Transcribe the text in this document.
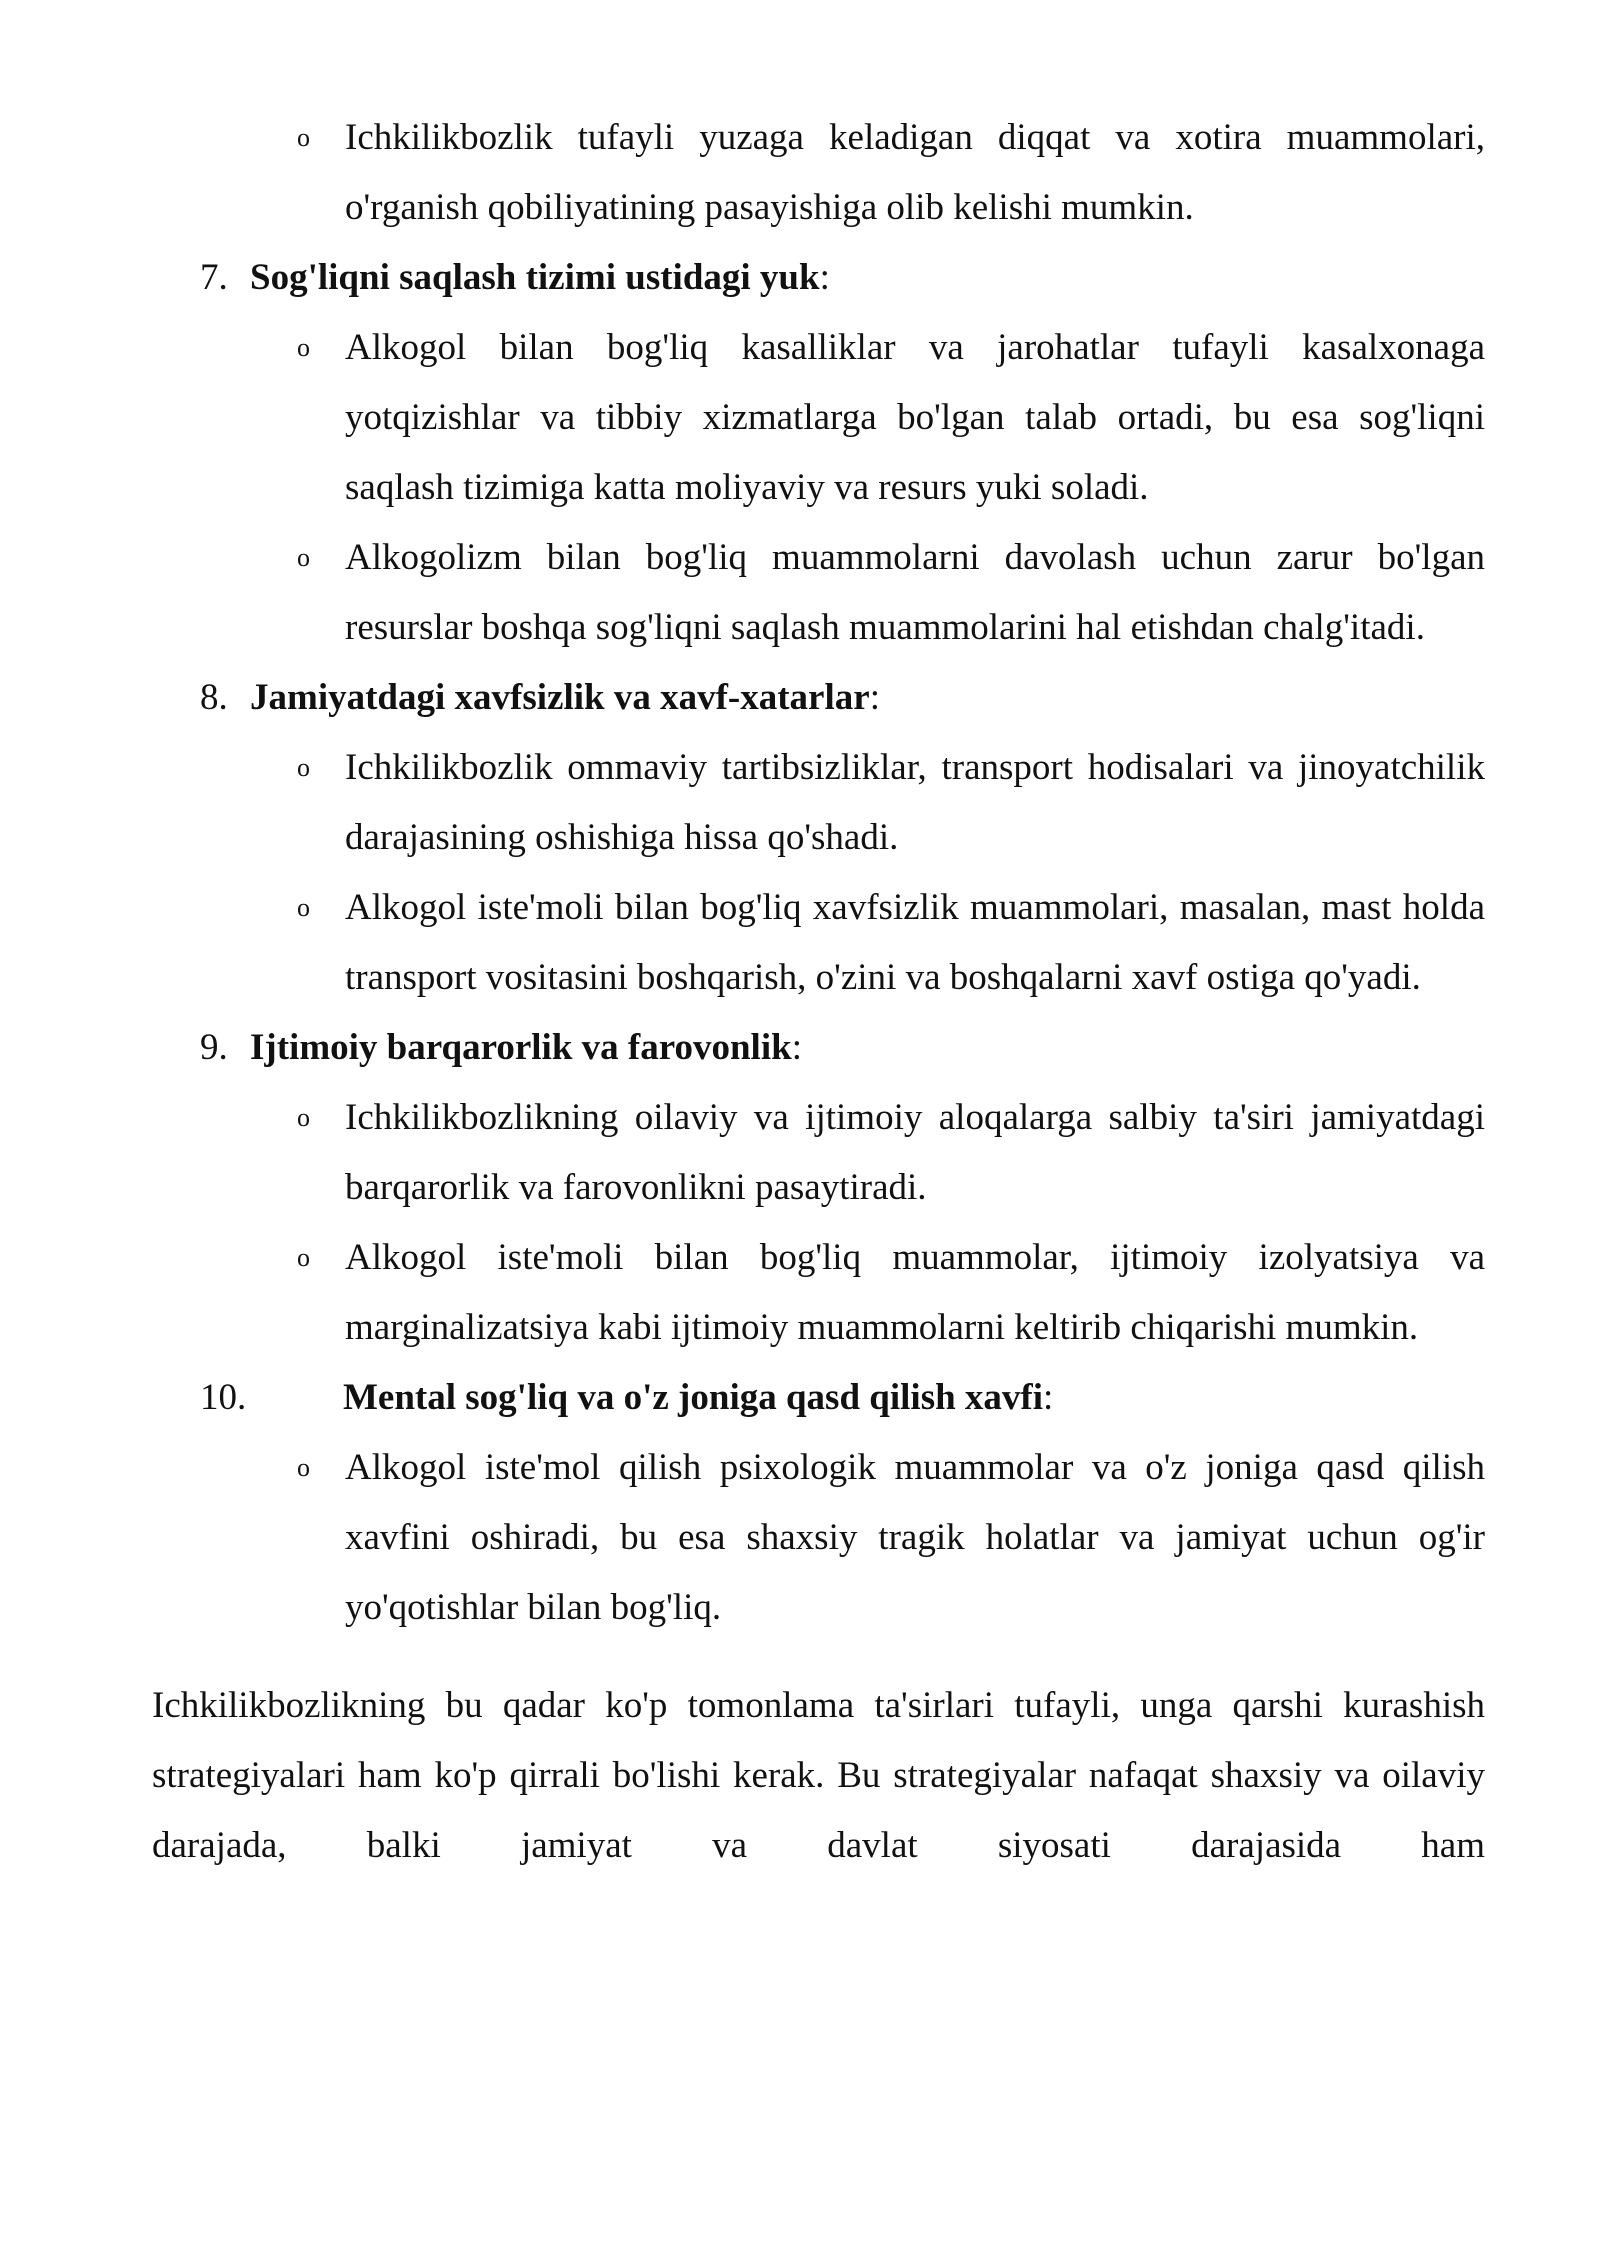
o Ichkilikbozlik tufayli yuzaga keladigan diqqat va xotira muammolari, o'rganish qobiliyatining pasayishiga olib kelishi mumkin.
7. Sog'liqni saqlash tizimi ustidagi yuk:
o Alkogol bilan bog'liq kasalliklar va jarohatlar tufayli kasalxonaga yotqizishlar va tibbiy xizmatlarga bo'lgan talab ortadi, bu esa sog'liqni saqlash tizimiga katta moliyaviy va resurs yuki soladi.
o Alkogolizm bilan bog'liq muammolarni davolash uchun zarur bo'lgan resurslar boshqa sog'liqni saqlash muammolarini hal etishdan chalg'itadi.
8. Jamiyatdagi xavfsizlik va xavf-xatarlar:
o Ichkilikbozlik ommaviy tartibsizliklar, transport hodisalari va jinoyatchilik darajasining oshishiga hissa qo'shadi.
o Alkogol iste'moli bilan bog'liq xavfsizlik muammolari, masalan, mast holda transport vositasini boshqarish, o'zini va boshqalarni xavf ostiga qo'yadi.
9. Ijtimoiy barqarorlik va farovonlik:
o Ichkilikbozlikning oilaviy va ijtimoiy aloqalarga salbiy ta'siri jamiyatdagi barqarorlik va farovonlikni pasaytiradi.
o Alkogol iste'moli bilan bog'liq muammolar, ijtimoiy izolyatsiya va marginalizatsiya kabi ijtimoiy muammolarni keltirib chiqarishi mumkin.
10.	Mental sog'liq va o'z joniga qasd qilish xavfi:
o Alkogol iste'mol qilish psixologik muammolar va o'z joniga qasd qilish xavfini oshiradi, bu esa shaxsiy tragik holatlar va jamiyat uchun og'ir yo'qotishlar bilan bog'liq.
Ichkilikbozlikning bu qadar ko'p tomonlama ta'sirlari tufayli, unga qarshi kurashish strategiyalari ham ko'p qirrali bo'lishi kerak. Bu strategiyalar nafaqat shaxsiy va oilaviy darajada, balki jamiyat va davlat siyosati darajasida ham
